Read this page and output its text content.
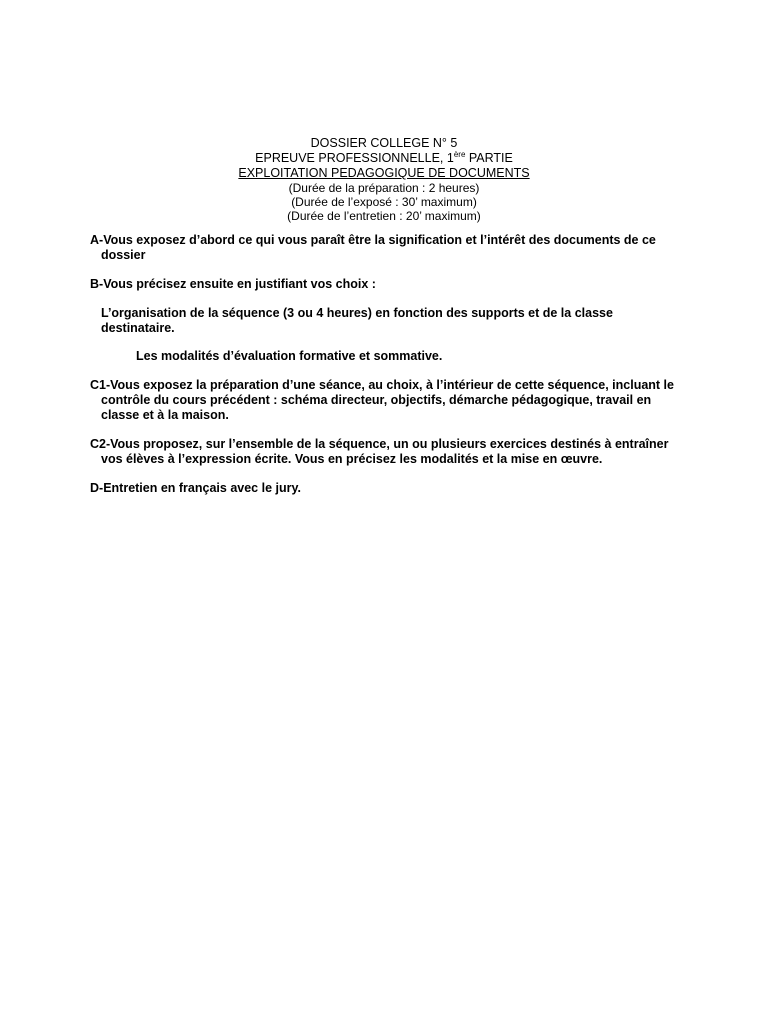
DOSSIER COLLEGE N° 5
EPREUVE PROFESSIONNELLE, 1ère PARTIE
EXPLOITATION PEDAGOGIQUE DE DOCUMENTS
(Durée de la préparation : 2 heures)
(Durée de l’exposé : 30’ maximum)
(Durée de l’entretien : 20’ maximum)

A-Vous exposez d’abord ce qui vous paraît être la signification et l’intérêt des documents de ce dossier

B-Vous précisez ensuite en justifiant vos choix :

L’organisation de la séquence (3 ou 4 heures) en fonction des supports et de la classe destinataire.

Les modalités d’évaluation formative et sommative.

C1-Vous exposez la préparation d’une séance, au choix, à l’intérieur de cette séquence, incluant le contrôle du cours précédent : schéma directeur, objectifs, démarche pédagogique, travail en classe et à la maison.

C2-Vous proposez, sur l’ensemble de la séquence, un ou plusieurs exercices destinés à entraîner vos élèves à l’expression écrite. Vous en précisez les modalités et la mise en œuvre.

D-Entretien en français avec le jury.
